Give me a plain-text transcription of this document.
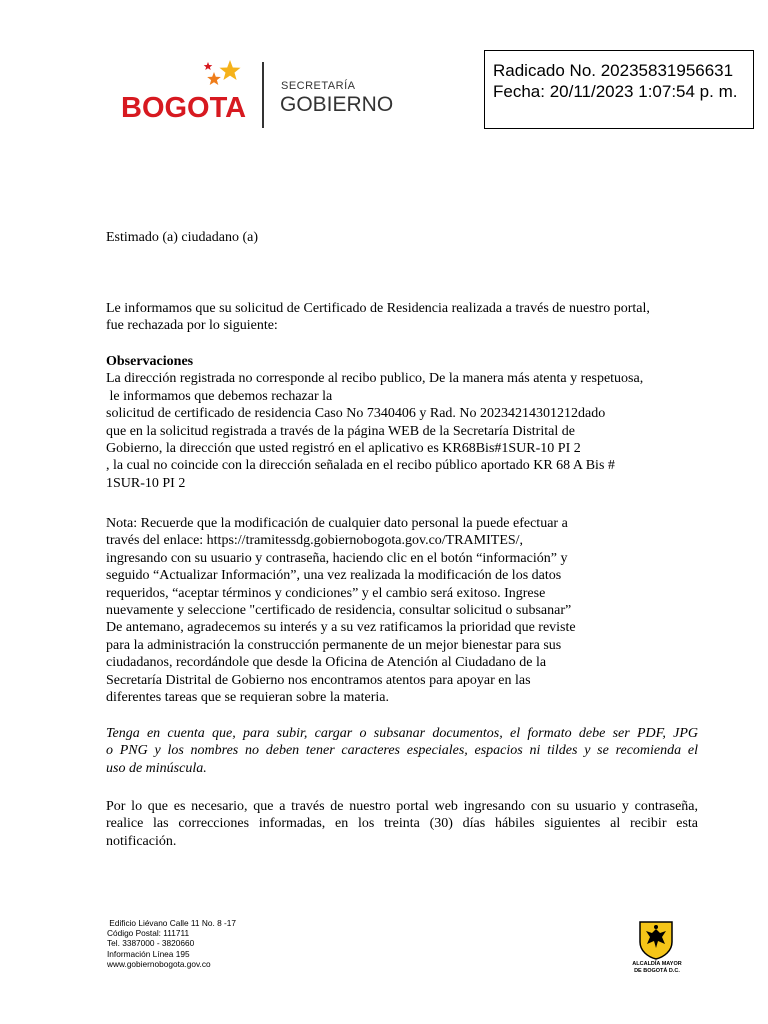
BOGOTA
SECRETARÍA
GOBIERNO
Radicado No. 20235831956631
Fecha: 20/11/2023 1:07:54 p. m.
Estimado (a) ciudadano (a)
Le informamos que su solicitud de Certificado de Residencia realizada a través de nuestro portal,
fue rechazada por lo siguiente:
Observaciones
La dirección registrada no corresponde al recibo publico, De la manera más atenta y respetuosa,
le informamos que debemos rechazar la
solicitud de certificado de residencia Caso No 7340406 y Rad. No 20234214301212dado
que en la solicitud registrada a través de la página WEB de la Secretaría Distrital de
Gobierno, la dirección que usted registró en el aplicativo es KR68Bis#1SUR-10 PI 2
, la cual no coincide con la dirección señalada en el recibo público aportado KR 68 A Bis #
1SUR-10 PI 2
Nota: Recuerde que la modificación de cualquier dato personal la puede efectuar a
través del enlace: https://tramitessdg.gobiernobogota.gov.co/TRAMITES/,
ingresando con su usuario y contraseña, haciendo clic en el botón “información” y
seguido “Actualizar Información”, una vez realizada la modificación de los datos
requeridos, “aceptar términos y condiciones” y el cambio será exitoso. Ingrese
nuevamente y seleccione "certificado de residencia, consultar solicitud o subsanar”
De antemano, agradecemos su interés y a su vez ratificamos la prioridad que reviste
para la administración la construcción permanente de un mejor bienestar para sus
ciudadanos, recordándole que desde la Oficina de Atención al Ciudadano de la
Secretaría Distrital de Gobierno nos encontramos atentos para apoyar en las
diferentes tareas que se requieran sobre la materia.
Tenga en cuenta que, para subir, cargar o subsanar documentos, el formato debe ser PDF, JPG
o PNG y los nombres no deben tener caracteres especiales, espacios ni tildes y se recomienda el
uso de minúscula.
Por lo que es necesario, que a través de nuestro portal web ingresando con su usuario y contraseña,
realice las correcciones informadas, en los treinta (30) días hábiles siguientes al recibir esta
notificación.
Edificio Liévano Calle 11 No. 8 -17
Código Postal: 111711
Tel. 3387000 - 3820660
Información Línea 195
www.gobiernobogota.gov.co	ALCALDÍA MAYOR
DE BOGOTÁ D.C.
